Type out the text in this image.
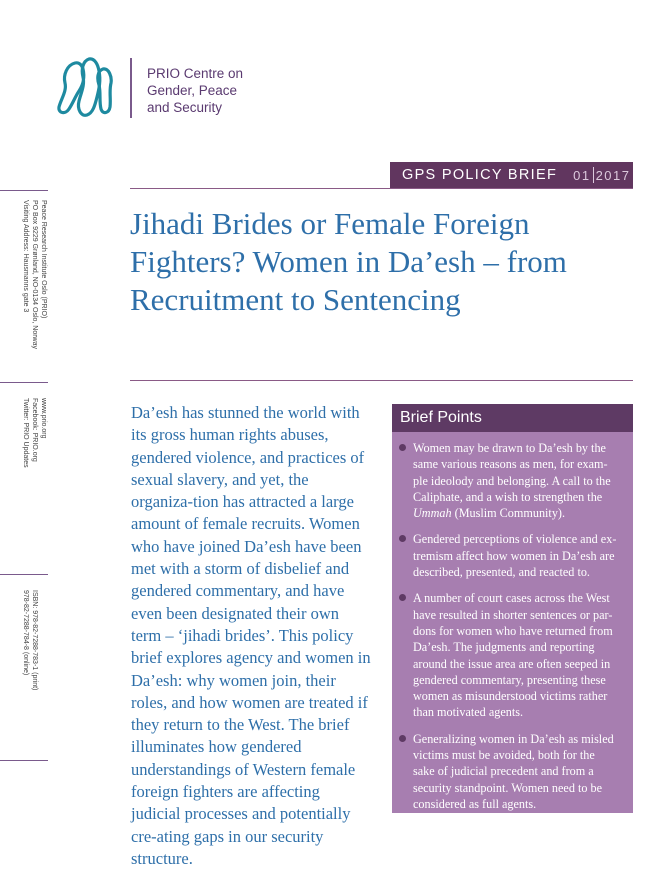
PRIO Centre on
Gender, Peace
and Security
GPS POLICY BRIEF 01 2017
Jihadi Brides or Female Foreign Fighters? Women in Da’esh – from Recruitment to Sentencing
Peace Research Institute Oslo (PRIO)
PO Box 9229 Grønland, NO-0134 Oslo, Norway
Visiting Address: Hausmanns gate 3
www.prio.org
Facebook: PRIO.org
Twitter: PRIO Updates
ISBN: 978-82-7288-783-1 (print)
978-82-7288-784-8 (online)
Da’esh has stunned the world with its gross human rights abuses, gendered violence, and practices of sexual slavery, and yet, the organiza-tion has attracted a large amount of female recruits. Women who have joined Da’esh have been met with a storm of disbelief and gendered commentary, and have even been designated their own term – ‘jihadi brides’. This policy brief explores agency and women in Da’esh: why women join, their roles, and how women are treated if they return to the West. The brief illuminates how gendered understandings of Western female foreign fighters are affecting judicial processes and potentially cre-ating gaps in our security structure.
Brief Points
Women may be drawn to Da’esh by the same various reasons as men, for exam-ple ideolody and belonging. A call to the Caliphate, and a wish to strengthen the Ummah (Muslim Community).
Gendered perceptions of violence and ex-tremism affect how women in Da’esh are described, presented, and reacted to.
A number of court cases across the West have resulted in shorter sentences or par-dons for women who have returned from Da’esh. The judgments and reporting around the issue area are often seeped in gendered commentary, presenting these women as misunderstood victims rather than motivated agents.
Generalizing women in Da’esh as misled victims must be avoided, both for the sake of judicial precedent and from a security standpoint. Women need to be considered as full agents.
